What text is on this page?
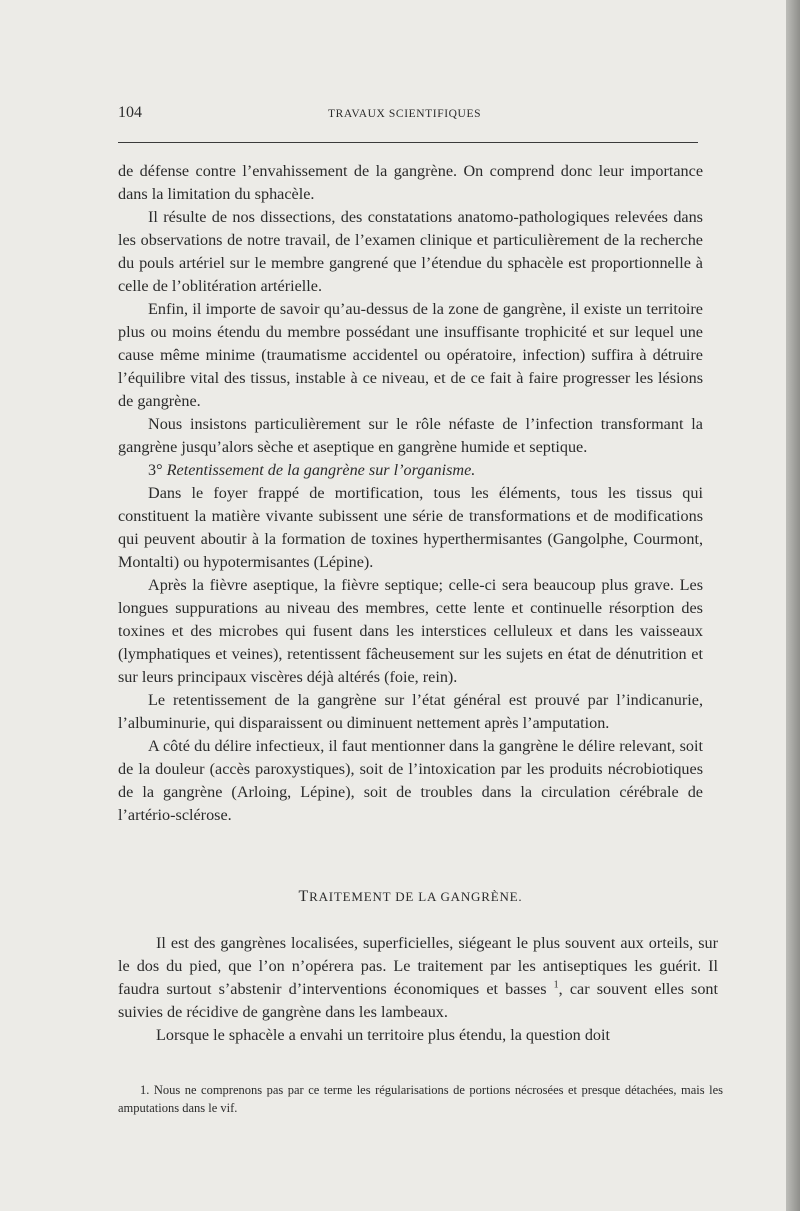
104	TRAVAUX SCIENTIFIQUES

de défense contre l’envahissement de la gangrène. On comprend donc leur importance dans la limitation du sphacèle.

Il résulte de nos dissections, des constatations anatomo-pathologiques relevées dans les observations de notre travail, de l’examen clinique et particulièrement de la recherche du pouls artériel sur le membre gangrené que l’étendue du sphacèle est proportionnelle à celle de l’oblitération artérielle.

Enfin, il importe de savoir qu’au-dessus de la zone de gangrène, il existe un territoire plus ou moins étendu du membre possédant une insuffisante trophicité et sur lequel une cause même minime (traumatisme accidentel ou opératoire, infection) suffira à détruire l’équilibre vital des tissus, instable à ce niveau, et de ce fait à faire progresser les lésions de gangrène.

Nous insistons particulièrement sur le rôle néfaste de l’infection transformant la gangrène jusqu’alors sèche et aseptique en gangrène humide et septique.

3° Retentissement de la gangrène sur l’organisme.

Dans le foyer frappé de mortification, tous les éléments, tous les tissus qui constituent la matière vivante subissent une série de transformations et de modifications qui peuvent aboutir à la formation de toxines hyperthermisantes (Gangolphe, Courmont, Montalti) ou hypotermisantes (Lépine).

Après la fièvre aseptique, la fièvre septique; celle-ci sera beaucoup plus grave. Les longues suppurations au niveau des membres, cette lente et continuelle résorption des toxines et des microbes qui fusent dans les interstices celluleux et dans les vaisseaux (lymphatiques et veines), retentissent fâcheusement sur les sujets en état de dénutrition et sur leurs principaux viscères déjà altérés (foie, rein).

Le retentissement de la gangrène sur l’état général est prouvé par l’indicanurie, l’albuminurie, qui disparaissent ou diminuent nettement après l’amputation.

A côté du délire infectieux, il faut mentionner dans la gangrène le délire relevant, soit de la douleur (accès paroxystiques), soit de l’intoxication par les produits nécrobiotiques de la gangrène (Arloing, Lépine), soit de troubles dans la circulation cérébrale de l’artério-sclérose.

TRAITEMENT DE LA GANGRÈNE.

Il est des gangrènes localisées, superficielles, siégeant le plus souvent aux orteils, sur le dos du pied, que l’on n’opérera pas. Le traitement par les antiseptiques les guérit. Il faudra surtout s’abstenir d’interventions économiques et basses $^1$, car souvent elles sont suivies de récidive de gangrène dans les lambeaux.

Lorsque le sphacèle a envahi un territoire plus étendu, la question doit

1. Nous ne comprenons pas par ce terme les régularisations de portions nécrosées et presque détachées, mais les amputations dans le vif.
